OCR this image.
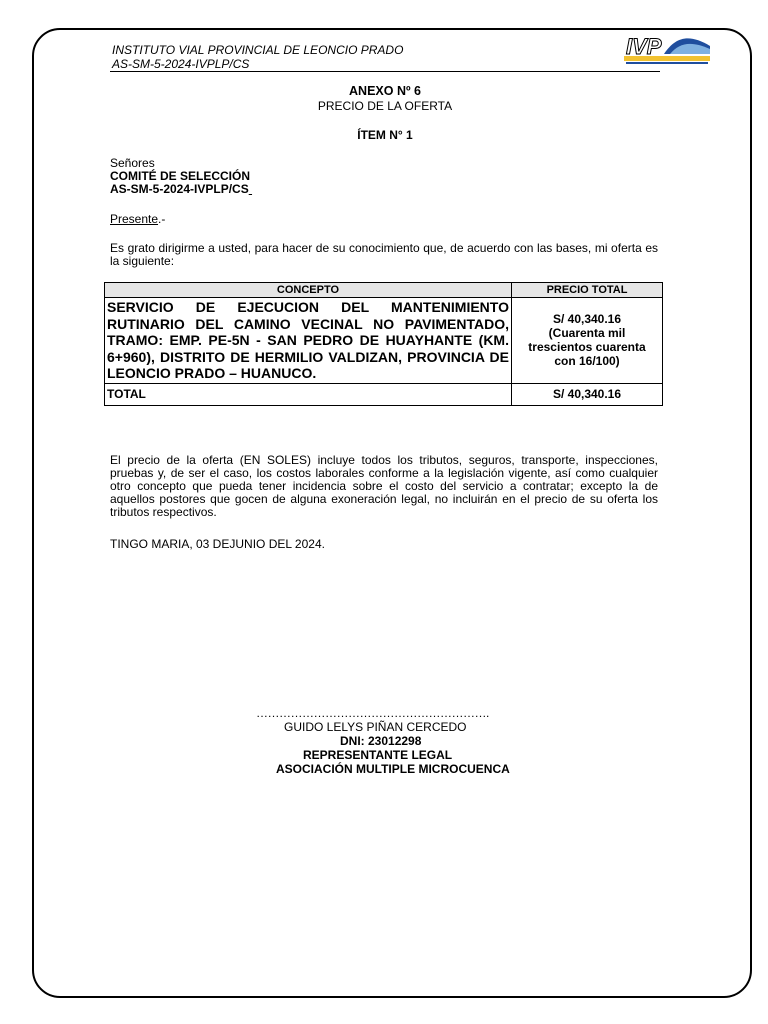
INSTITUTO VIAL PROVINCIAL DE LEONCIO PRADO
AS-SM-5-2024-IVPLP/CS
IVP
ANEXO Nº 6
PRECIO DE LA OFERTA
ÍTEM N° 1
Señores
COMITÉ DE SELECCIÓN
AS-SM-5-2024-IVPLP/CS
Presente.-
Es grato dirigirme a usted, para hacer de su conocimiento que, de acuerdo con las bases, mi oferta es la siguiente:
CONCEPTO	PRECIO TOTAL
SERVICIO DE EJECUCION DEL MANTENIMIENTO RUTINARIO DEL CAMINO VECINAL NO PAVIMENTADO, TRAMO: EMP. PE-5N - SAN PEDRO DE HUAYHANTE (KM. 6+960), DISTRITO DE HERMILIO VALDIZAN, PROVINCIA DE LEONCIO PRADO – HUANUCO.	S/ 40,340.16
(Cuarenta mil trescientos cuarenta con 16/100)

TOTAL	S/ 40,340.16
El precio de la oferta (EN SOLES) incluye todos los tributos, seguros, transporte, inspecciones, pruebas y, de ser el caso, los costos laborales conforme a la legislación vigente, así como cualquier otro concepto que pueda tener incidencia sobre el costo del servicio a contratar; excepto la de aquellos postores que gocen de alguna exoneración legal, no incluirán en el precio de su oferta los tributos respectivos.
TINGO MARIA, 03 DEJUNIO DEL 2024.
…………………………………………………….
GUIDO LELYS PIÑAN CERCEDO
DNI: 23012298
REPRESENTANTE LEGAL
ASOCIACIÓN MULTIPLE MICROCUENCA
